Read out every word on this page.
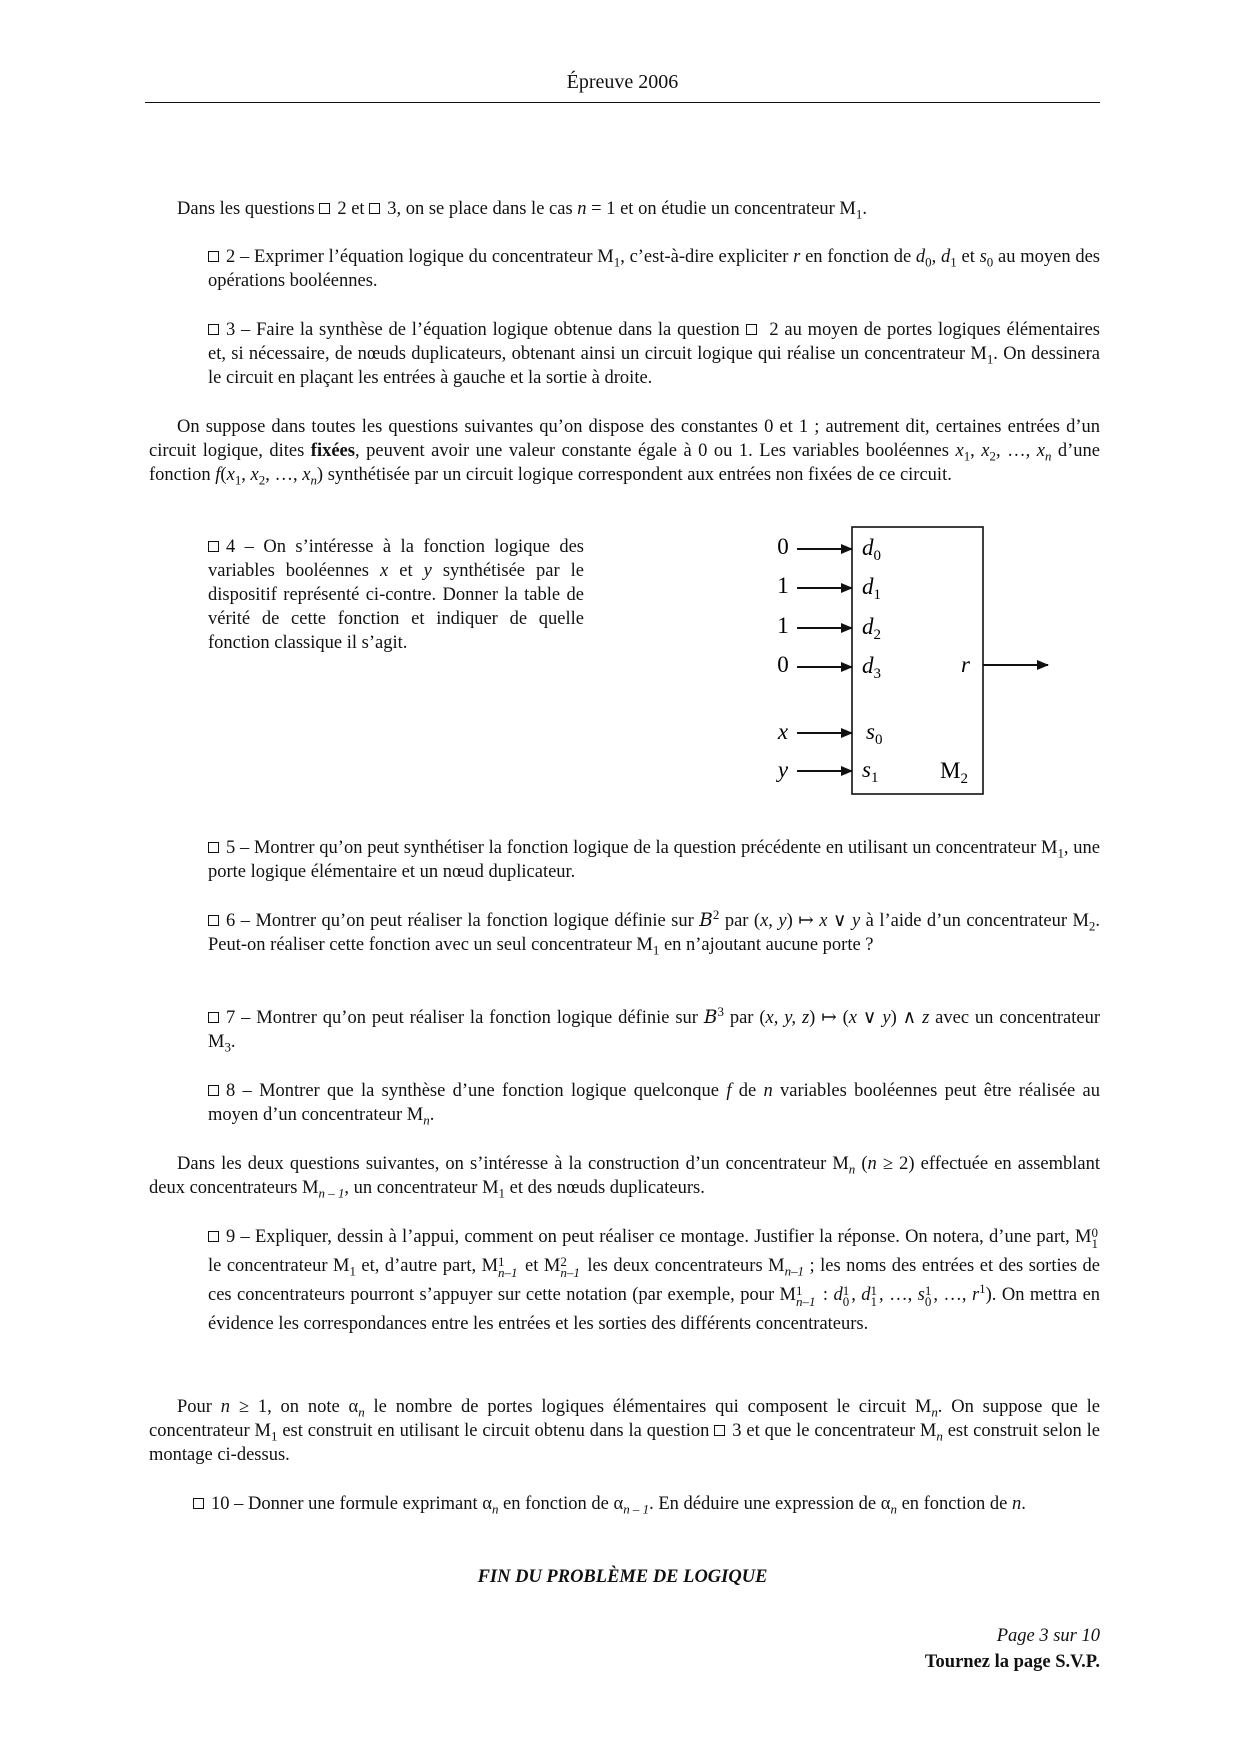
Épreuve 2006
Dans les questions 2 et 3, on se place dans le cas n = 1 et on étudie un concentrateur $M_1$.
2 – Exprimer l’équation logique du concentrateur $M_1$, c’est-à-dire expliciter r en fonction de $d_0$, $d_1$ et $s_0$ au moyen des opérations booléennes.
3 – Faire la synthèse de l’équation logique obtenue dans la question  2 au moyen de portes logiques élémentaires et, si nécessaire, de nœuds duplicateurs, obtenant ainsi un circuit logique qui réalise un concentrateur $M_1$. On dessinera le circuit en plaçant les entrées à gauche et la sortie à droite.
On suppose dans toutes les questions suivantes qu’on dispose des constantes 0 et 1 ; autrement dit, certaines entrées d’un circuit logique, dites fixées, peuvent avoir une valeur constante égale à 0 ou 1. Les variables booléennes $x_1$, $x_2$, …, $x_n$ d’une fonction $f(x_1$, $x_2$, …, $x_n$) synthétisée par un circuit logique correspondent aux entrées non fixées de ce circuit.
4 – On s’intéresse à la fonction logique des variables booléennes x et y synthétisée par le dispositif représenté ci-contre. Donner la table de vérité de cette fonction et indiquer de quelle fonction classique il s’agit.
0	$d_0$
1	$d_1$
1	$d_2$
0	$d_3$
x	$s_0$
y	$s_1$	$M_2$
r
5 – Montrer qu’on peut synthétiser la fonction logique de la question précédente en utilisant un concentrateur $M_1$, une porte logique élémentaire et un nœud duplicateur.
6 – Montrer qu’on peut réaliser la fonction logique définie sur $B^2$ par (x, y) ↦ x ∨ y à l’aide d’un concentrateur $M_2$. Peut-on réaliser cette fonction avec un seul concentrateur $M_1$ en n’ajoutant aucune porte ?
7 – Montrer qu’on peut réaliser la fonction logique définie sur $B^3$ par (x, y, z) ↦ (x ∨ y) ∧ z avec un concentrateur $M_3$.
8 – Montrer que la synthèse d’une fonction logique quelconque f de n variables booléennes peut être réalisée au moyen d’un concentrateur $M_n$.
Dans les deux questions suivantes, on s’intéresse à la construction d’un concentrateur $M_n$ (n ≥ 2) effectuée en assemblant deux concentrateurs $M_{n - 1}$, un concentrateur $M_1$ et des nœuds duplicateurs.
9 – Expliquer, dessin à l’appui, comment on peut réaliser ce montage. Justifier la réponse. On notera, d’une part, M 0
1
le concentrateur $M_1$ et, d’autre part, M 1
n–1 et M 2
n–1 les deux concentrateurs $M_{n-1}$ ; les noms des entrées et des sorties de ces concentrateurs pourront s’appuyer sur cette notation (par exemple, pour M 1
n–1 : d 1
0 , d 1
1 , …, s 1
0 , …, $r^1$). On mettra en évidence les correspondances entre les entrées et les sorties des différents concentrateurs.
Pour n ≥ 1, on note $\alpha_n$ le nombre de portes logiques élémentaires qui composent le circuit $M_n$. On suppose que le concentrateur $M_1$ est construit en utilisant le circuit obtenu dans la question 3 et que le concentrateur $M_n$ est construit selon le montage ci-dessus.
10 – Donner une formule exprimant $\alpha_n$ en fonction de $\alpha_{n - 1}$. En déduire une expression de $\alpha_n$ en fonction de n.
FIN DU PROBLÈME DE LOGIQUE
Page 3 sur 10
Tournez la page S.V.P.
